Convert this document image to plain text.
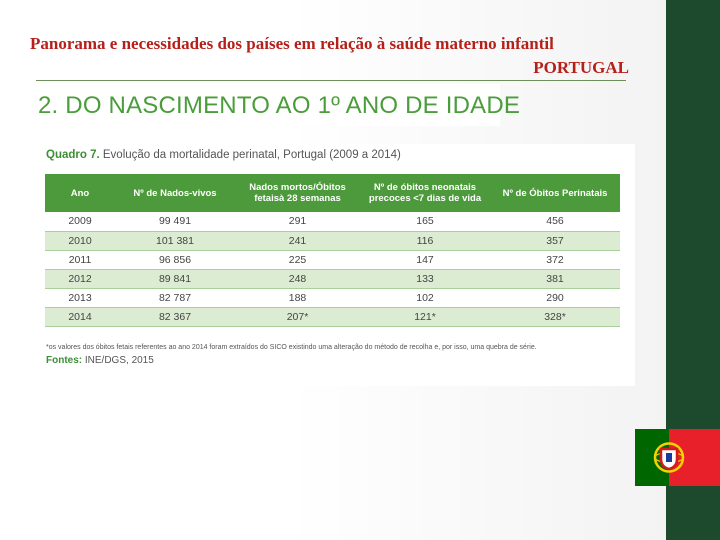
Panorama e necessidades dos países em relação à saúde materno infantil
PORTUGAL
2. DO NASCIMENTO AO 1º ANO DE IDADE
Quadro 7. Evolução da mortalidade perinatal, Portugal (2009 a 2014)
Ano	Nº de Nados-vivos	Nados mortos/Óbitos fetaisà 28 semanas	Nº de óbitos neonatais precoces <7 dias de vida	Nº de Óbitos Perinatais
2009	99 491	291	165	456
2010	101 381	241	116	357
2011	96 856	225	147	372
2012	89 841	248	133	381
2013	82 787	188	102	290
2014	82 367	207*	121*	328*
*os valores dos óbitos fetais referentes ao ano 2014 foram extraídos do SICO existindo uma alteração do método de recolha e, por isso, uma quebra de série.
Fontes: INE/DGS, 2015
